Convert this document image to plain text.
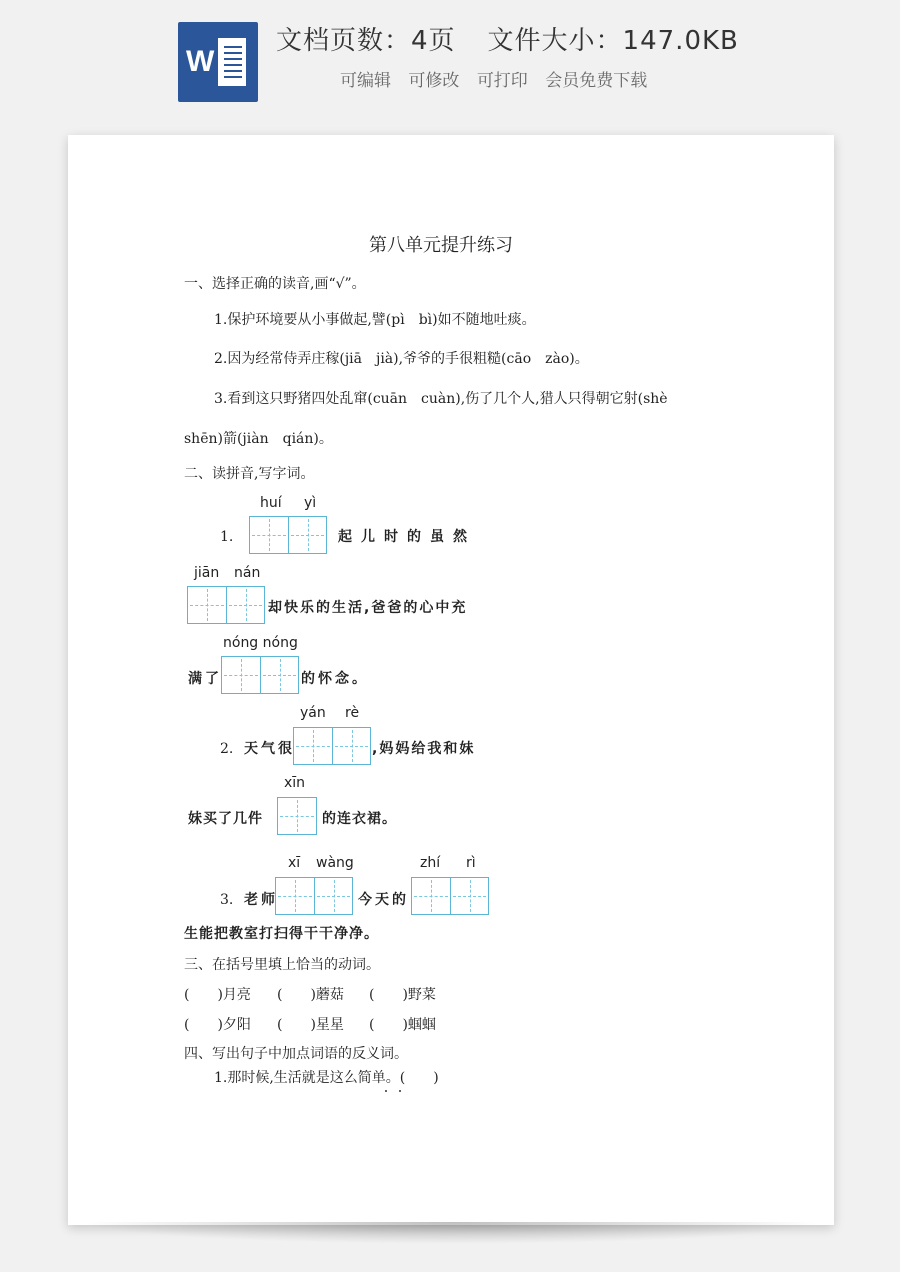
W
文档页数：4页 文件大小：147.0KB
可编辑 可修改 可打印 会员免费下载
第八单元提升练习
一、选择正确的读音,画“√”。
1.保护环境要从小事做起,譬(pì　bì)如不随地吐痰。
2.因为经常侍弄庄稼(jiā　jià),爷爷的手很粗糙(cāo　zào)。
3.看到这只野猪四处乱窜(cuān　cuàn),伤了几个人,猎人只得朝它射(shè
shēn)箭(jiàn　qián)。
二、读拼音,写字词。
huí yì
1.	起儿时的虽然
jiān nán
却快乐的生活,爸爸的心中充
nóng nóng
满了	的怀念。
yán rè
2. 天气很	,妈妈给我和妹
xīn
妹买了几件	的连衣裙。
xī wàng	zhí rì
3. 老师	今天的
生能把教室打扫得干干净净。
三、在括号里填上恰当的动词。
(　　)月亮 (　　)蘑菇 (　　)野菜
(　　)夕阳 (　　)星星 (　　)蝈蝈
四、写出句子中加点词语的反义词。
1.那时候,生活就是这么简单。(　　)
